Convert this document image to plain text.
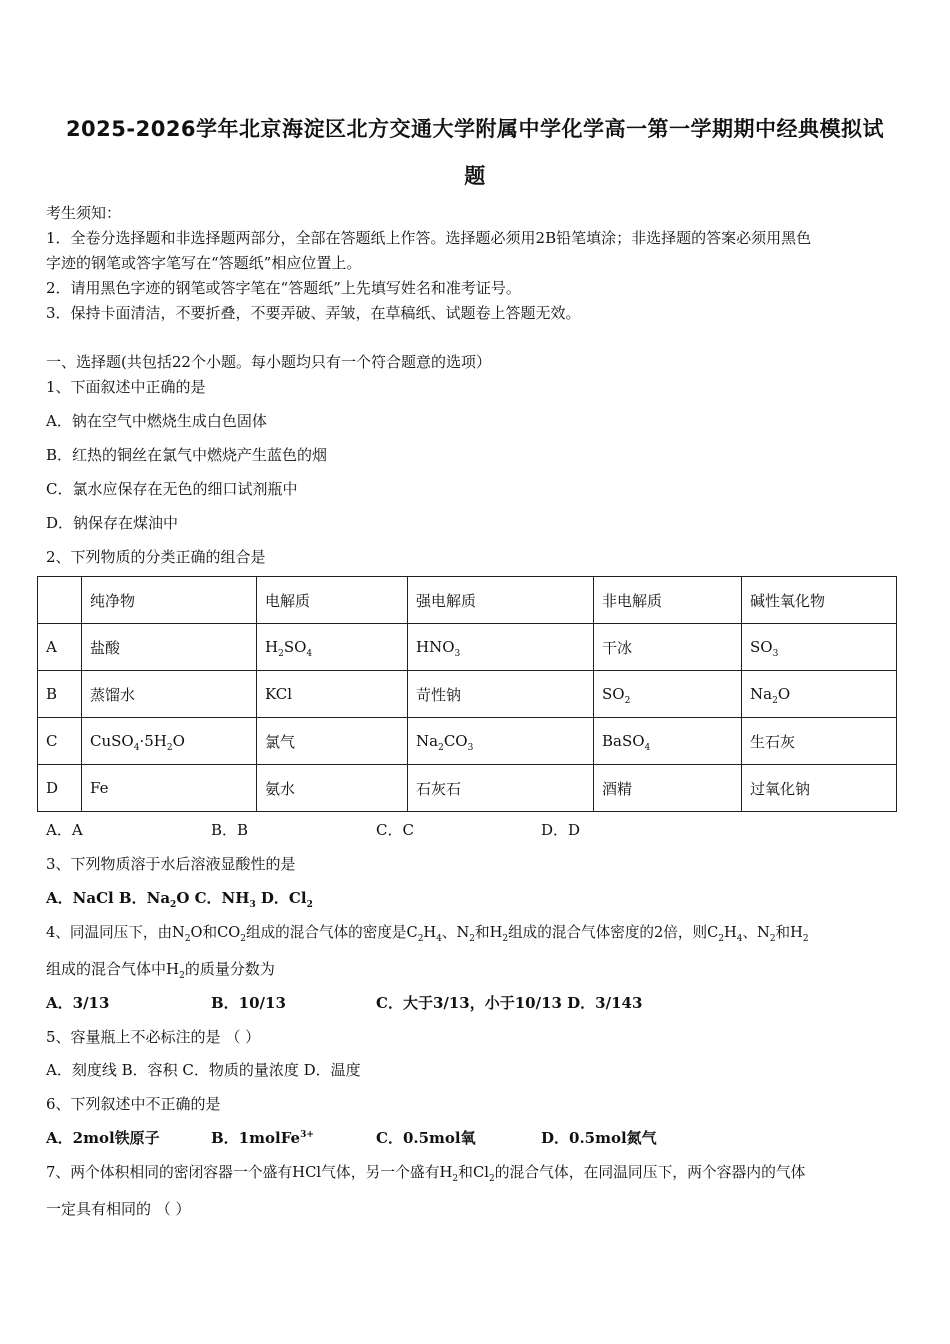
2025-2026学年北京海淀区北方交通大学附属中学化学高一第一学期期中经典模拟试
题
考生须知：
1．全卷分选择题和非选择题两部分，全部在答题纸上作答。选择题必须用2B铅笔填涂；非选择题的答案必须用黑色
字迹的钢笔或答字笔写在“答题纸”相应位置上。
2．请用黑色字迹的钢笔或答字笔在“答题纸”上先填写姓名和准考证号。
3．保持卡面清洁，不要折叠，不要弄破、弄皱，在草稿纸、试题卷上答题无效。
一、选择题(共包括22个小题。每小题均只有一个符合题意的选项）
1、下面叙述中正确的是
A．钠在空气中燃烧生成白色固体
B．红热的铜丝在氯气中燃烧产生蓝色的烟
C．氯水应保存在无色的细口试剂瓶中
D．钠保存在煤油中
2、下列物质的分类正确的组合是
	纯净物	电解质	强电解质	非电解质	碱性氧化物
A	盐酸	$H_2SO_4$	$HNO_3$	干冰	$SO_3$
B	蒸馏水	KCl	苛性钠	$SO_2$	$Na_2O$
C	$CuSO_4\cdot 5H_2O$	氯气	$Na_2CO_3$	BaSO$_4$	生石灰
D	Fe	氨水	石灰石	酒精	过氧化钠
A．A	B．B	C．C	D．D
3、下列物质溶于水后溶液显酸性的是
A．NaCl B．$Na_2O$ C．$NH_3$ D．$Cl_2$
4、同温同压下，由$N_2O$和$CO_2$组成的混合气体的密度是$C_2H_4$、$N_2$和$H_2$组成的混合气体密度的2倍，则$C_2H_4$、$N_2$和$H_2$
组成的混合气体中$H_2$的质量分数为
A．3/13	B．10/13	C．大于3/13，小于10/13 D．3/143
5、容量瓶上不必标注的是 （ ）
A．刻度线 B．容积 C．物质的量浓度 D．温度
6、下列叙述中不正确的是
A．2mol铁原子	B．1molFe$^{3+}$	C．0.5mol氧	D．0.5mol氮气
7、两个体积相同的密闭容器一个盛有HCl气体，另一个盛有$H_2$和$Cl_2$的混合气体，在同温同压下，两个容器内的气体
一定具有相同的 （ ）
